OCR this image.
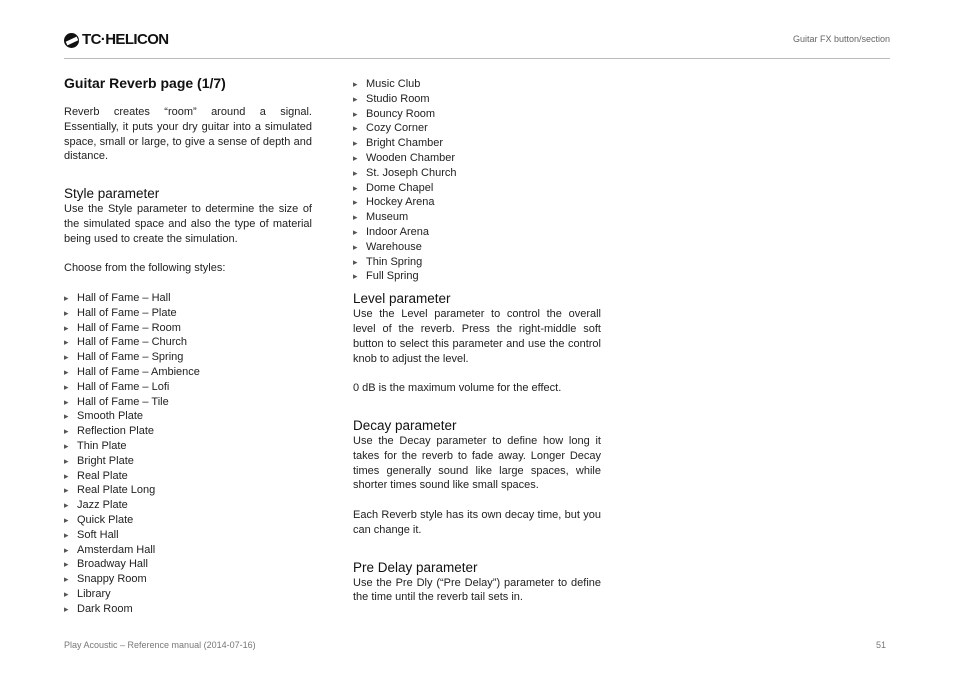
TC·HELICON	Guitar FX button/section
Guitar Reverb page (1/7)

Reverb creates “room” around a signal. Essentially, it puts your dry guitar into a simulated space, small or large, to give a sense of depth and distance.

Style parameter

Use the Style parameter to determine the size of the simulated space and also the type of material being used to create the simulation.

Choose from the following styles:

▸ Hall of Fame – Hall
▸ Hall of Fame – Plate
▸ Hall of Fame – Room
▸ Hall of Fame – Church
▸ Hall of Fame – Spring
▸ Hall of Fame – Ambience
▸ Hall of Fame – Lofi
▸ Hall of Fame – Tile
▸ Smooth Plate
▸ Reflection Plate
▸ Thin Plate
▸ Bright Plate
▸ Real Plate
▸ Real Plate Long
▸ Jazz Plate
▸ Quick Plate
▸ Soft Hall
▸ Amsterdam Hall
▸ Broadway Hall
▸ Snappy Room
▸ Library
▸ Dark Room
▸ Music Club
▸ Studio Room
▸ Bouncy Room
▸ Cozy Corner
▸ Bright Chamber
▸ Wooden Chamber
▸ St. Joseph Church
▸ Dome Chapel
▸ Hockey Arena
▸ Museum
▸ Indoor Arena
▸ Warehouse
▸ Thin Spring
▸ Full Spring
Level parameter

Use the Level parameter to control the overall level of the reverb. Press the right-middle soft button to select this parameter and use the control knob to adjust the level.

0 dB is the maximum volume for the effect.

Decay parameter

Use the Decay parameter to define how long it takes for the reverb to fade away. Longer Decay times generally sound like large spaces, while shorter times sound like small spaces.

Each Reverb style has its own decay time, but you can change it.

Pre Delay parameter

Use the Pre Dly (“Pre Delay”) parameter to define the time until the reverb tail sets in.

Play Acoustic – Reference manual (2014-07-16)	51
